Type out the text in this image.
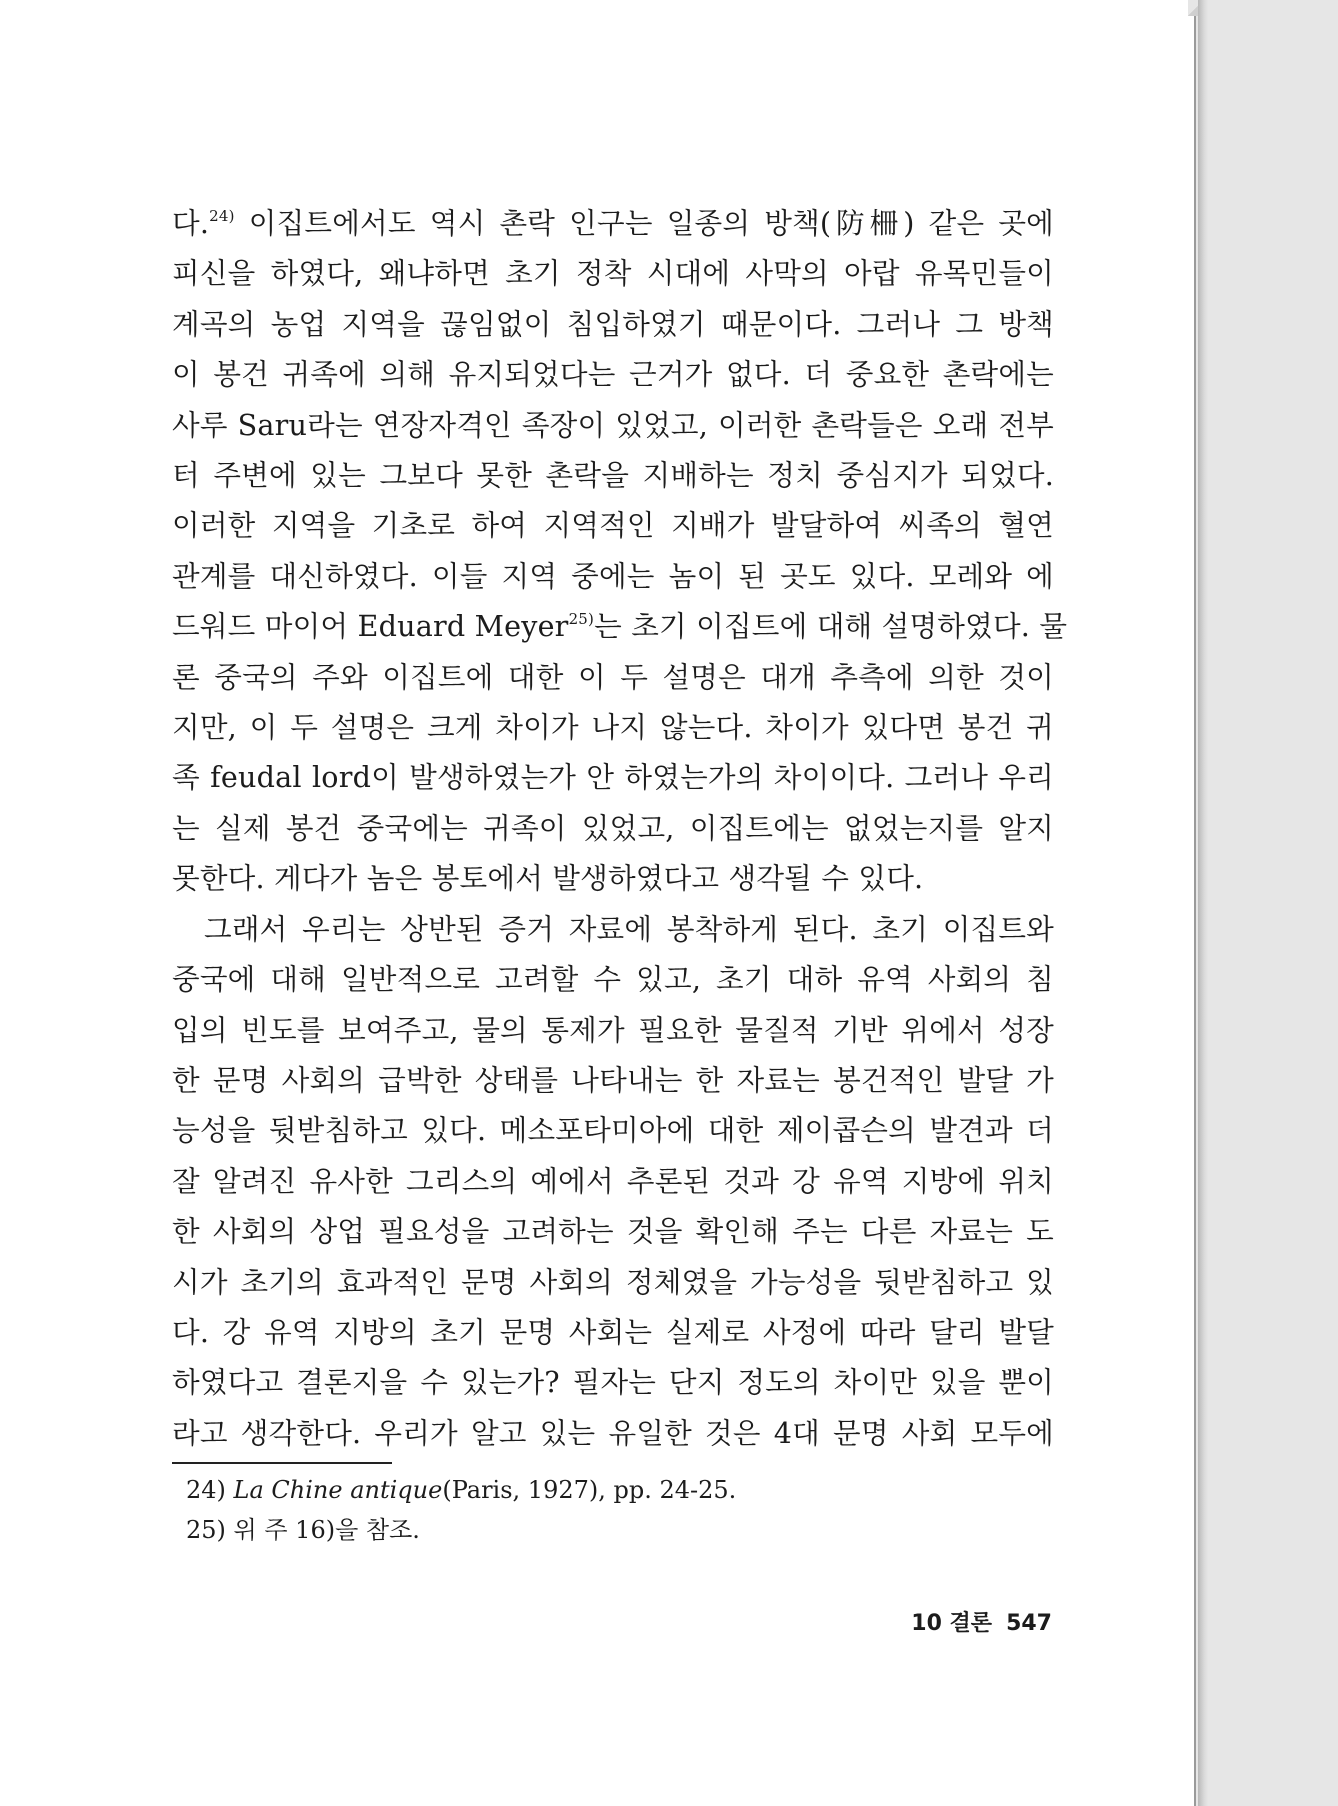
다.$^{24)}$ 이집트에서도 역시 촌락 인구는 일종의 방책(防柵) 같은 곳에
피신을 하였다, 왜냐하면 초기 정착 시대에 사막의 아랍 유목민들이
계곡의 농업 지역을 끊임없이 침입하였기 때문이다. 그러나 그 방책
이 봉건 귀족에 의해 유지되었다는 근거가 없다. 더 중요한 촌락에는
사루 Saru라는 연장자격인 족장이 있었고, 이러한 촌락들은 오래 전부
터 주변에 있는 그보다 못한 촌락을 지배하는 정치 중심지가 되었다.
이러한 지역을 기초로 하여 지역적인 지배가 발달하여 씨족의 혈연
관계를 대신하였다. 이들 지역 중에는 놈이 된 곳도 있다. 모레와 에
드워드 마이어 Eduard Meyer$^{25)}$는 초기 이집트에 대해 설명하였다. 물
론 중국의 주와 이집트에 대한 이 두 설명은 대개 추측에 의한 것이
지만, 이 두 설명은 크게 차이가 나지 않는다. 차이가 있다면 봉건 귀
족 feudal lord이 발생하였는가 안 하였는가의 차이이다. 그러나 우리
는 실제 봉건 중국에는 귀족이 있었고, 이집트에는 없었는지를 알지
못한다. 게다가 놈은 봉토에서 발생하였다고 생각될 수 있다.
그래서 우리는 상반된 증거 자료에 봉착하게 된다. 초기 이집트와
중국에 대해 일반적으로 고려할 수 있고, 초기 대하 유역 사회의 침
입의 빈도를 보여주고, 물의 통제가 필요한 물질적 기반 위에서 성장
한 문명 사회의 급박한 상태를 나타내는 한 자료는 봉건적인 발달 가
능성을 뒷받침하고 있다. 메소포타미아에 대한 제이콥슨의 발견과 더
잘 알려진 유사한 그리스의 예에서 추론된 것과 강 유역 지방에 위치
한 사회의 상업 필요성을 고려하는 것을 확인해 주는 다른 자료는 도
시가 초기의 효과적인 문명 사회의 정체였을 가능성을 뒷받침하고 있
다. 강 유역 지방의 초기 문명 사회는 실제로 사정에 따라 달리 발달
하였다고 결론지을 수 있는가? 필자는 단지 정도의 차이만 있을 뿐이
라고 생각한다. 우리가 알고 있는 유일한 것은 4대 문명 사회 모두에
24) La Chine antique(Paris, 1927), pp. 24-25.
25) 위 주 16)을 참조.
10 결론 547
